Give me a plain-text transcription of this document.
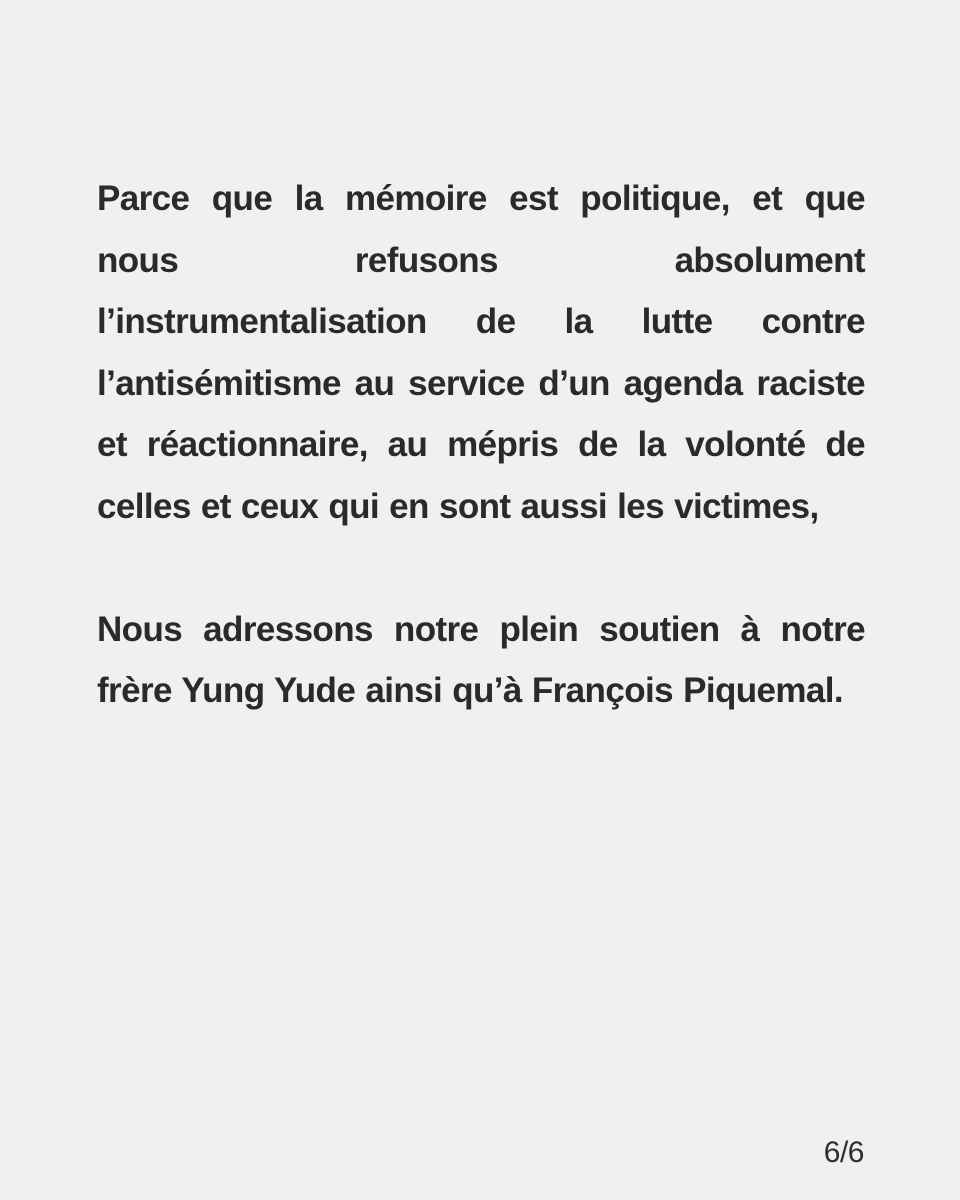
Parce que la mémoire est politique, et que nous refusons absolument l’instrumentalisation de la lutte contre l’antisémitisme au service d’un agenda raciste et réactionnaire, au mépris de la volonté de celles et ceux qui en sont aussi les victimes,

Nous adressons notre plein soutien à notre frère Yung Yude ainsi qu’à François Piquemal.

6/6
